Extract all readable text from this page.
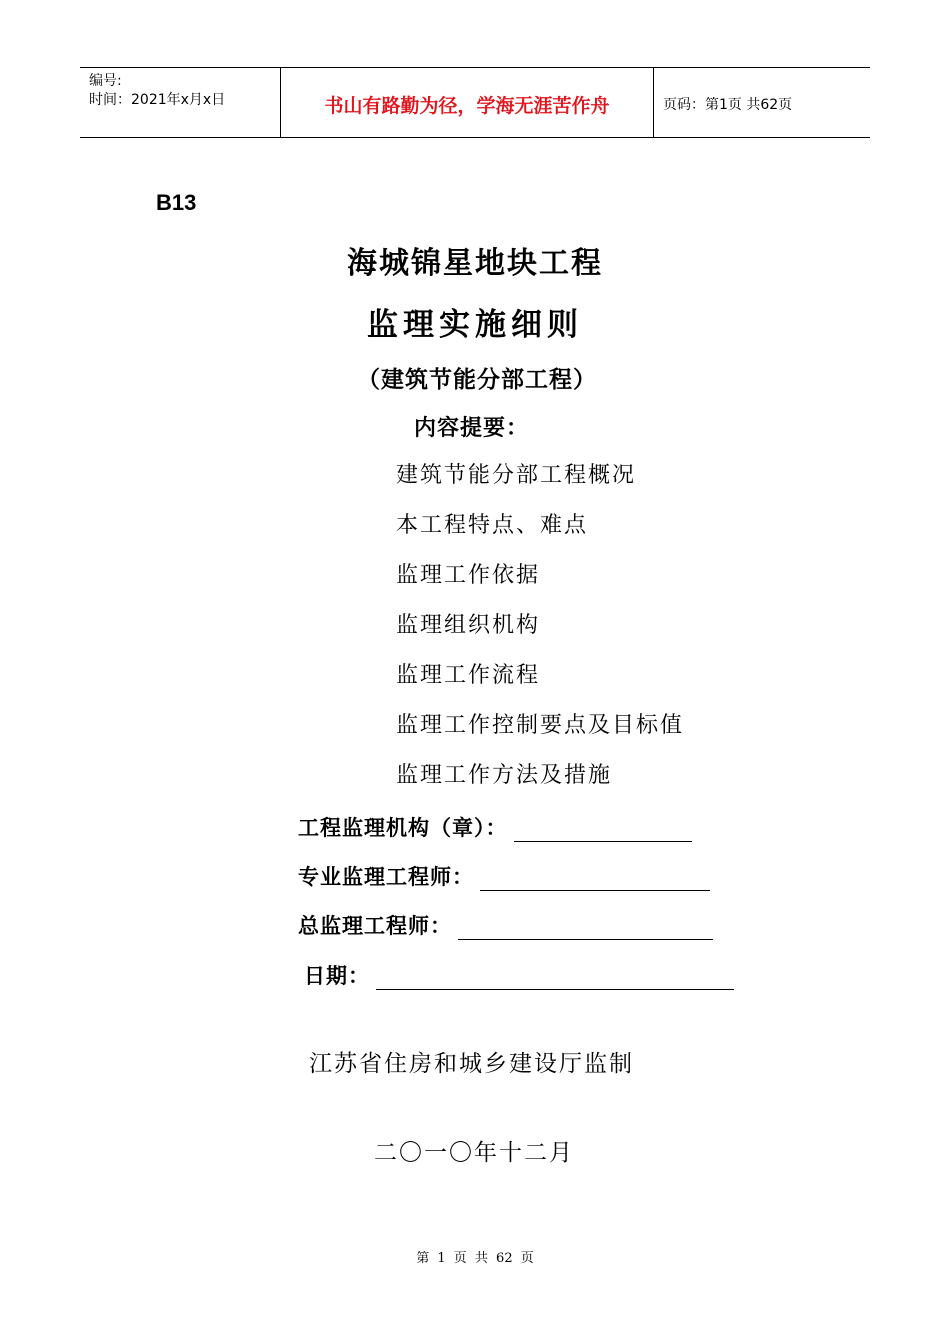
编号:
时间：2021年x月x日	书山有路勤为径，学海无涯苦作舟	页码：第1页 共62页
B13
海城锦星地块工程
监理实施细则
（建筑节能分部工程）
内容提要：
建筑节能分部工程概况
本工程特点、难点
监理工作依据
监理组织机构
监理工作流程
监理工作控制要点及目标值
监理工作方法及措施
工程监理机构（章）：
专业监理工程师：
总监理工程师：
日期：
江苏省住房和城乡建设厅监制
二〇一〇年十二月
第 1 页 共 62 页
